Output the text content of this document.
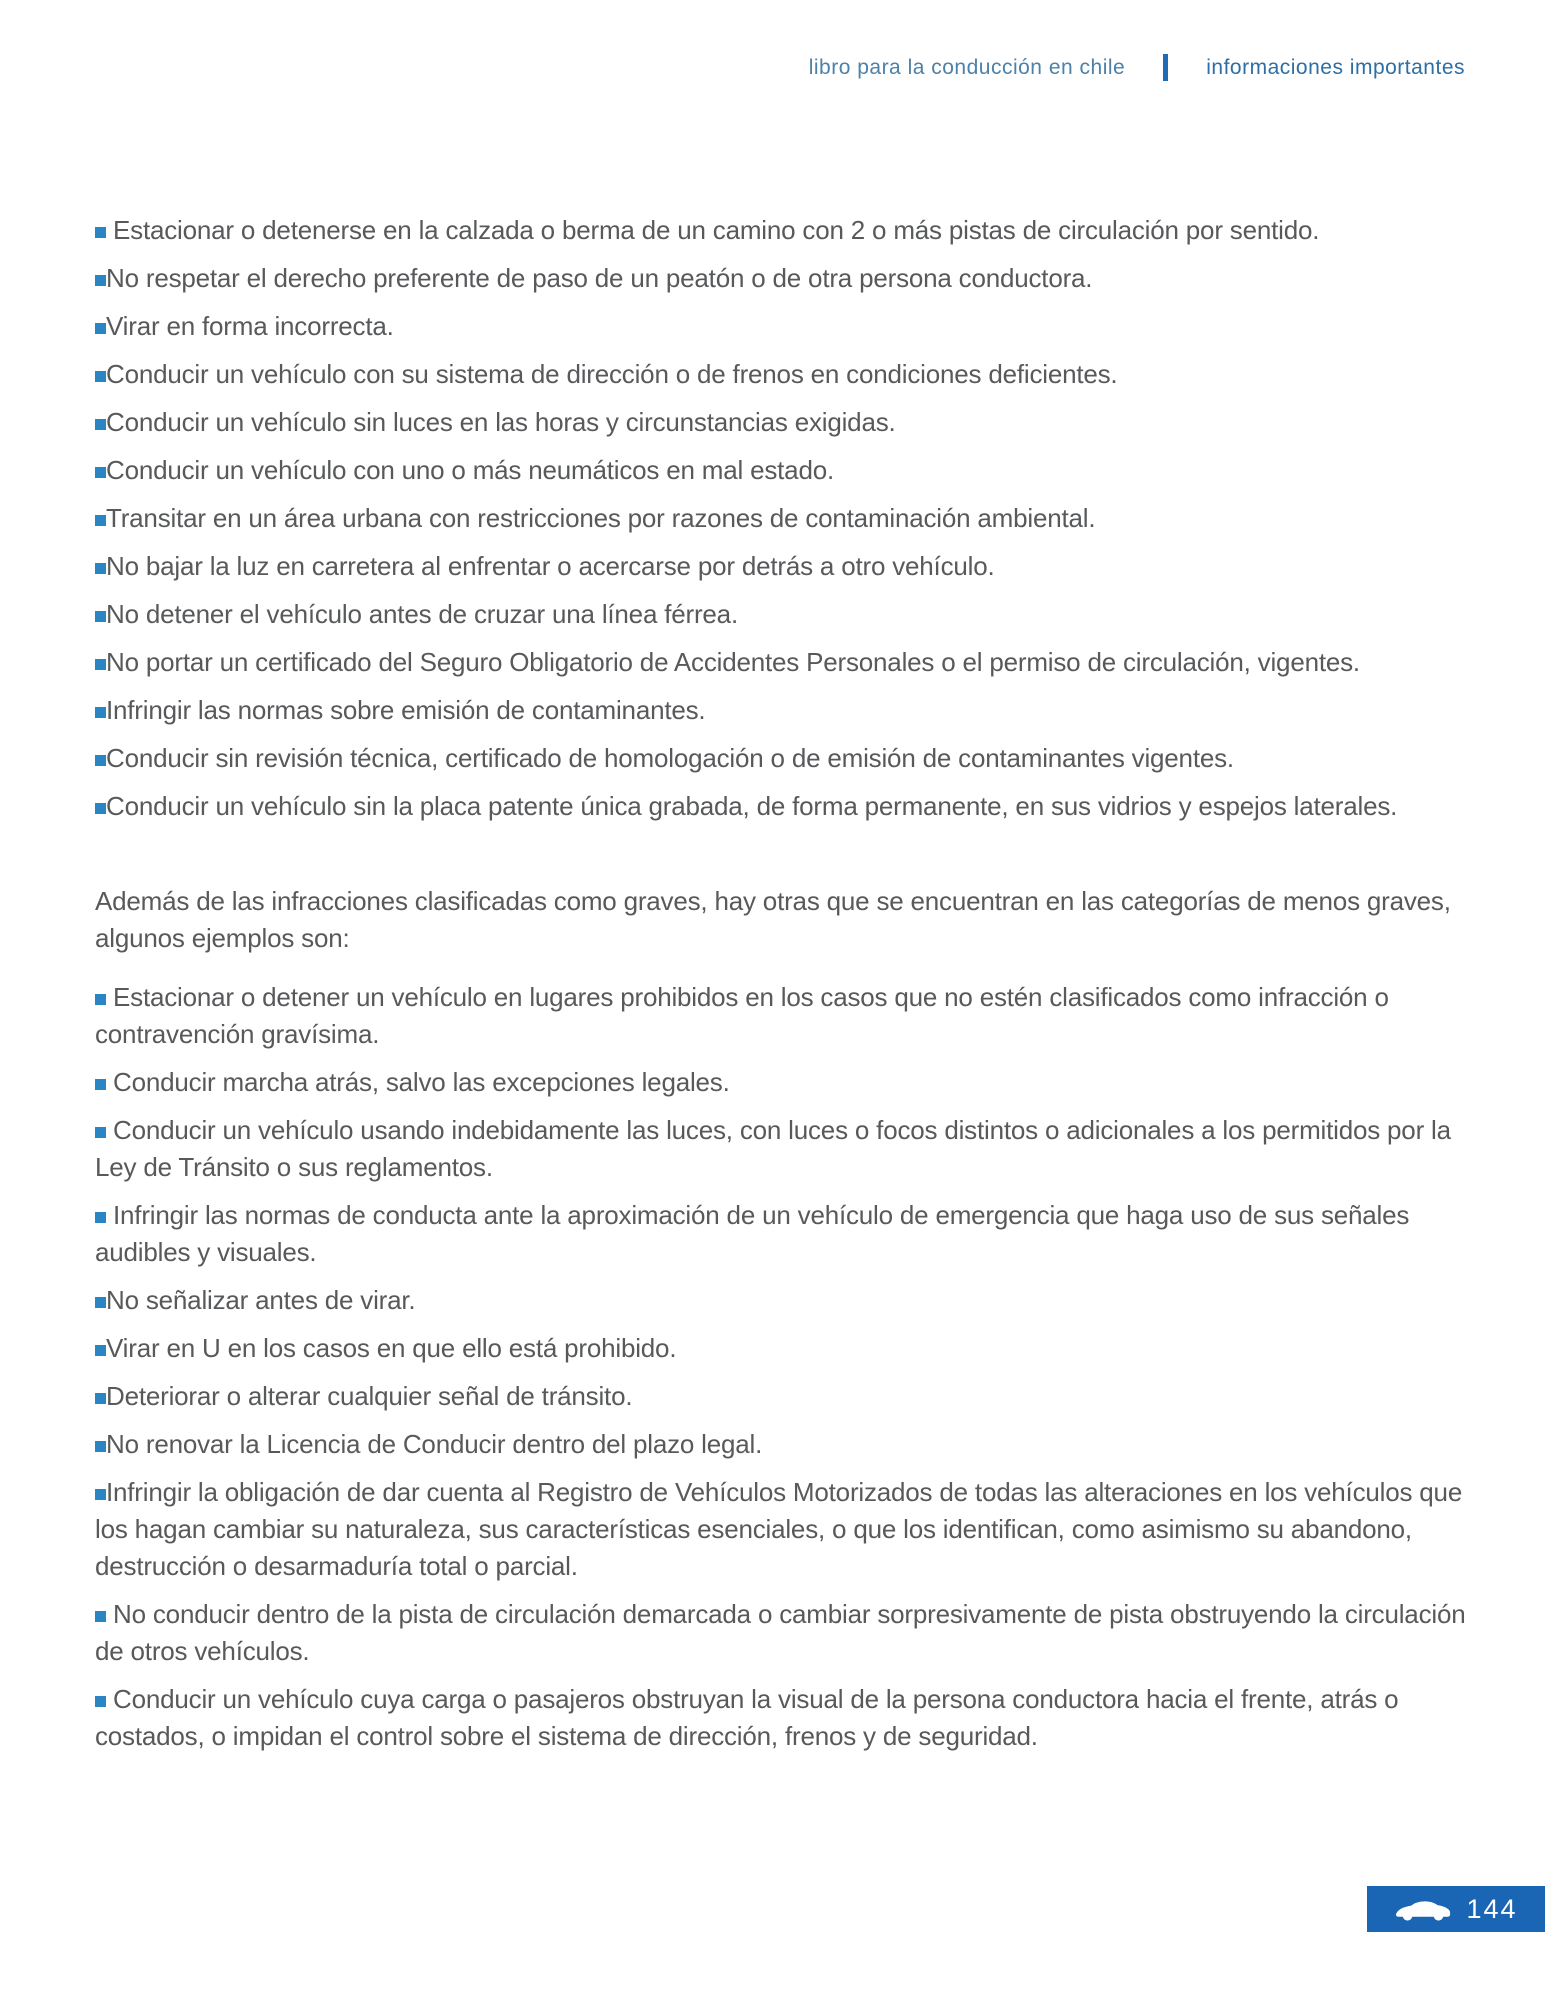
libro para la conducción en chile	informaciones importantes
Estacionar o detenerse en la calzada o berma de un camino con 2 o más pistas de circulación por sentido.
No respetar el derecho preferente de paso de un peatón o de otra persona conductora.
Virar en forma incorrecta.
Conducir un vehículo con su sistema de dirección o de frenos en condiciones deficientes.
Conducir un vehículo sin luces en las horas y circunstancias exigidas.
Conducir un vehículo con uno o más neumáticos en mal estado.
Transitar en un área urbana con restricciones por razones de contaminación ambiental.
No bajar la luz en carretera al enfrentar o acercarse por detrás a otro vehículo.
No detener el vehículo antes de cruzar una línea férrea.
No portar un certificado del Seguro Obligatorio de Accidentes Personales o el permiso de circulación, vigentes.
Infringir las normas sobre emisión de contaminantes.
Conducir sin revisión técnica, certificado de homologación o de emisión de contaminantes vigentes.
Conducir un vehículo sin la placa patente única grabada, de forma permanente, en sus vidrios y espejos laterales.

Además de las infracciones clasificadas como graves, hay otras que se encuentran en las categorías de menos graves, algunos ejemplos son:

Estacionar o detener un vehículo en lugares prohibidos en los casos que no estén clasificados como infracción o contravención gravísima.
Conducir marcha atrás, salvo las excepciones legales.
Conducir un vehículo usando indebidamente las luces, con luces o focos distintos o adicionales a los permitidos por la Ley de Tránsito o sus reglamentos.
Infringir las normas de conducta ante la aproximación de un vehículo de emergencia que haga uso de sus señales audibles y visuales.
No señalizar antes de virar.
Virar en U en los casos en que ello está prohibido.
Deteriorar o alterar cualquier señal de tránsito.
No renovar la Licencia de Conducir dentro del plazo legal.
Infringir la obligación de dar cuenta al Registro de Vehículos Motorizados de todas las alteraciones en los vehículos que los hagan cambiar su naturaleza, sus características esenciales, o que los identifican, como asimismo su abandono, destrucción o desarmaduría total o parcial.
No conducir dentro de la pista de circulación demarcada o cambiar sorpresivamente de pista obstruyendo la circulación de otros vehículos.
Conducir un vehículo cuya carga o pasajeros obstruyan la visual de la persona conductora hacia el frente, atrás o costados, o impidan el control sobre el sistema de dirección, frenos y de seguridad.
144
